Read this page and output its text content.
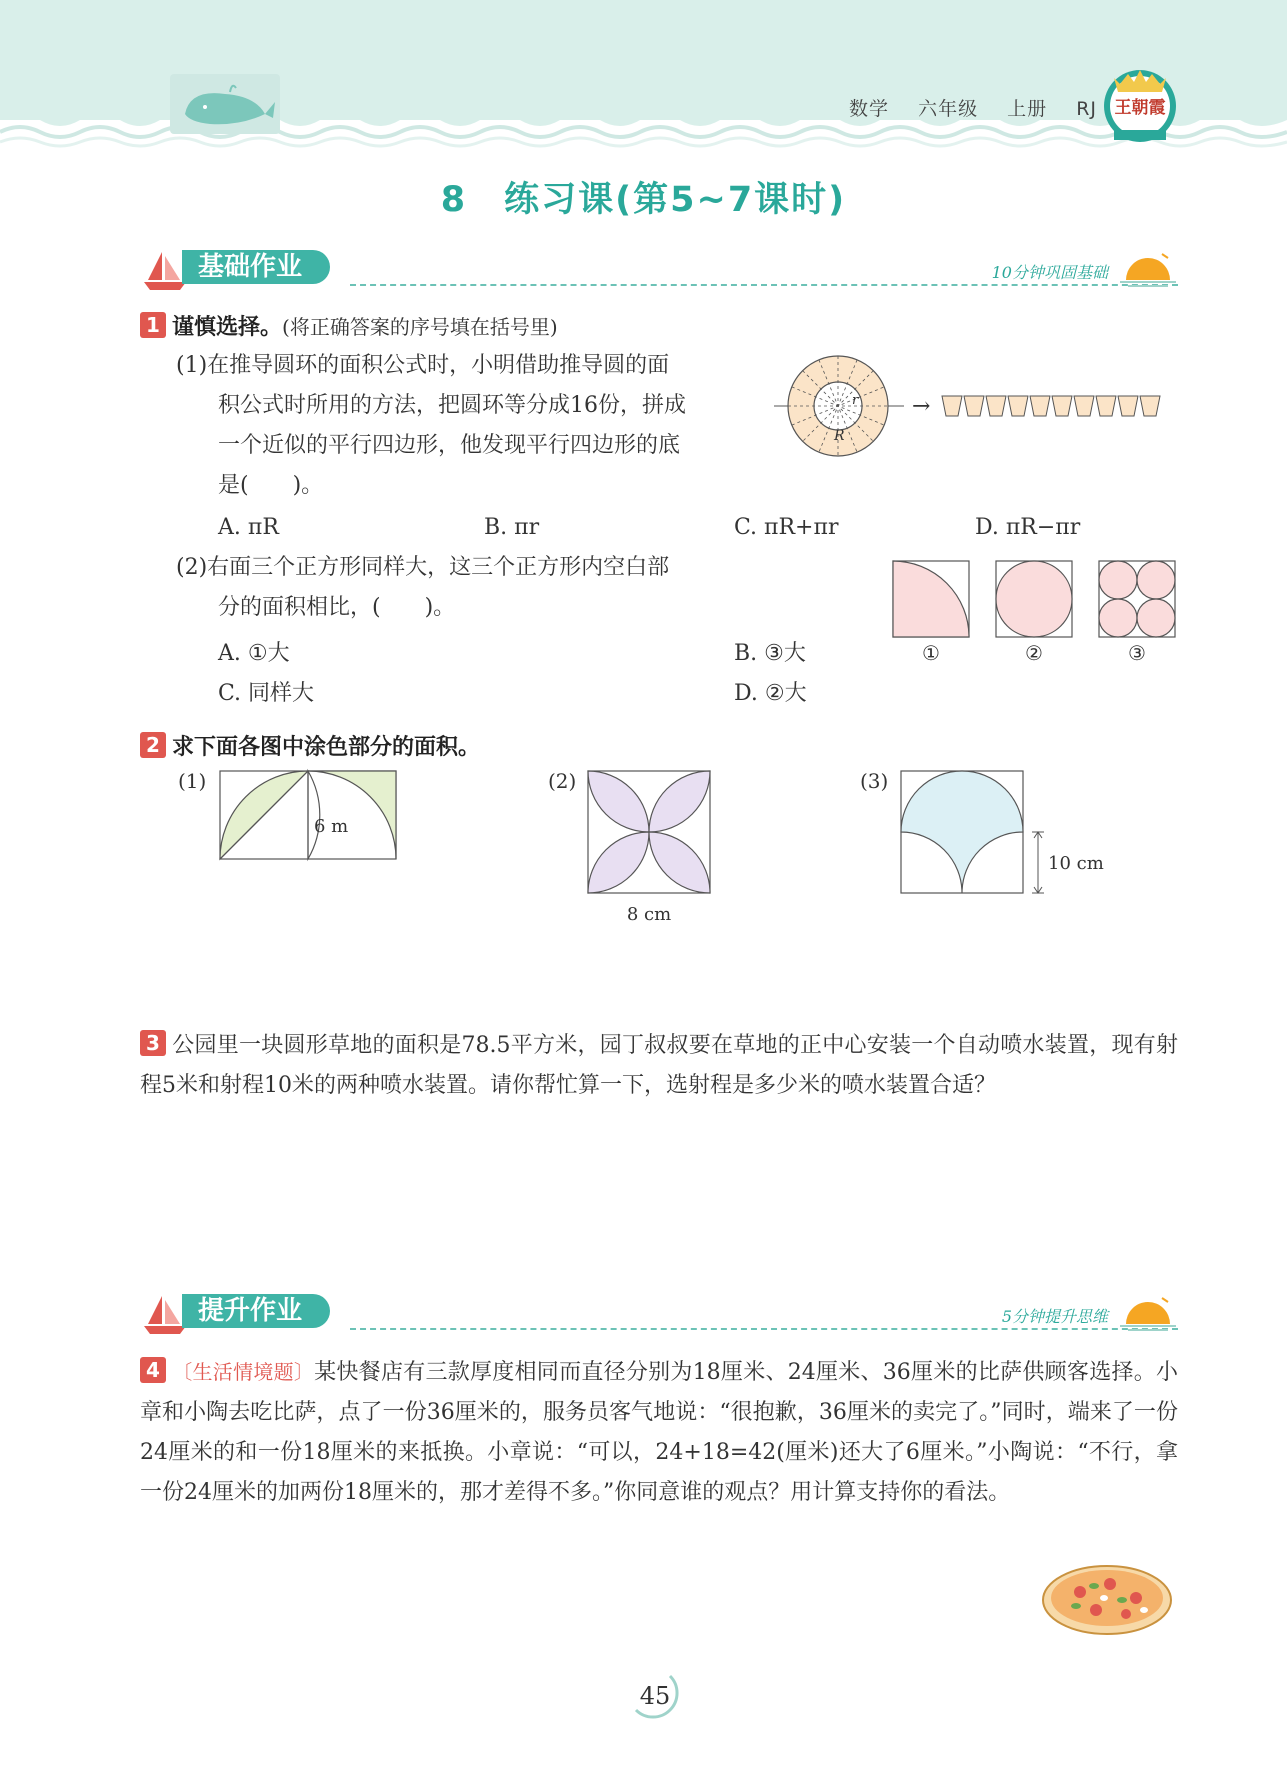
数学 六年级 上册 RJ 王朝霞
8　练习课(第5~7课时)
基础作业	10分钟巩固基础
1 谨慎选择。(将正确答案的序号填在括号里)
(1)在推导圆环的面积公式时，小明借助推导圆的面
积公式时所用的方法，把圆环等分成16份，拼成
一个近似的平行四边形，他发现平行四边形的底
是(　　)。
r
R
→
A. πR	B. πr	C. πR+πr	D. πR−πr
(2)右面三个正方形同样大，这三个正方形内空白部
分的面积相比，(　　)。
A. ①大	B. ③大
C. 同样大	D. ②大
①	②	③
2 求下面各图中涂色部分的面积。
(1)
6 m
(2)
8 cm
(3)
10 cm
3 公园里一块圆形草地的面积是78.5平方米，园丁叔叔要在草地的正中心安装一个自动喷水装置，现有射程5米和射程10米的两种喷水装置。请你帮忙算一下，选射程是多少米的喷水装置合适？
提升作业	5分钟提升思维
4 〔生活情境题〕某快餐店有三款厚度相同而直径分别为18厘米、24厘米、36厘米的比萨供顾客选择。小章和小陶去吃比萨，点了一份36厘米的，服务员客气地说：“很抱歉，36厘米的卖完了。”同时，端来了一份24厘米的和一份18厘米的来抵换。小章说：“可以，24+18=42(厘米)还大了6厘米。”小陶说：“不行，拿一份24厘米的加两份18厘米的，那才差得不多。”你同意谁的观点？用计算支持你的看法。
45
